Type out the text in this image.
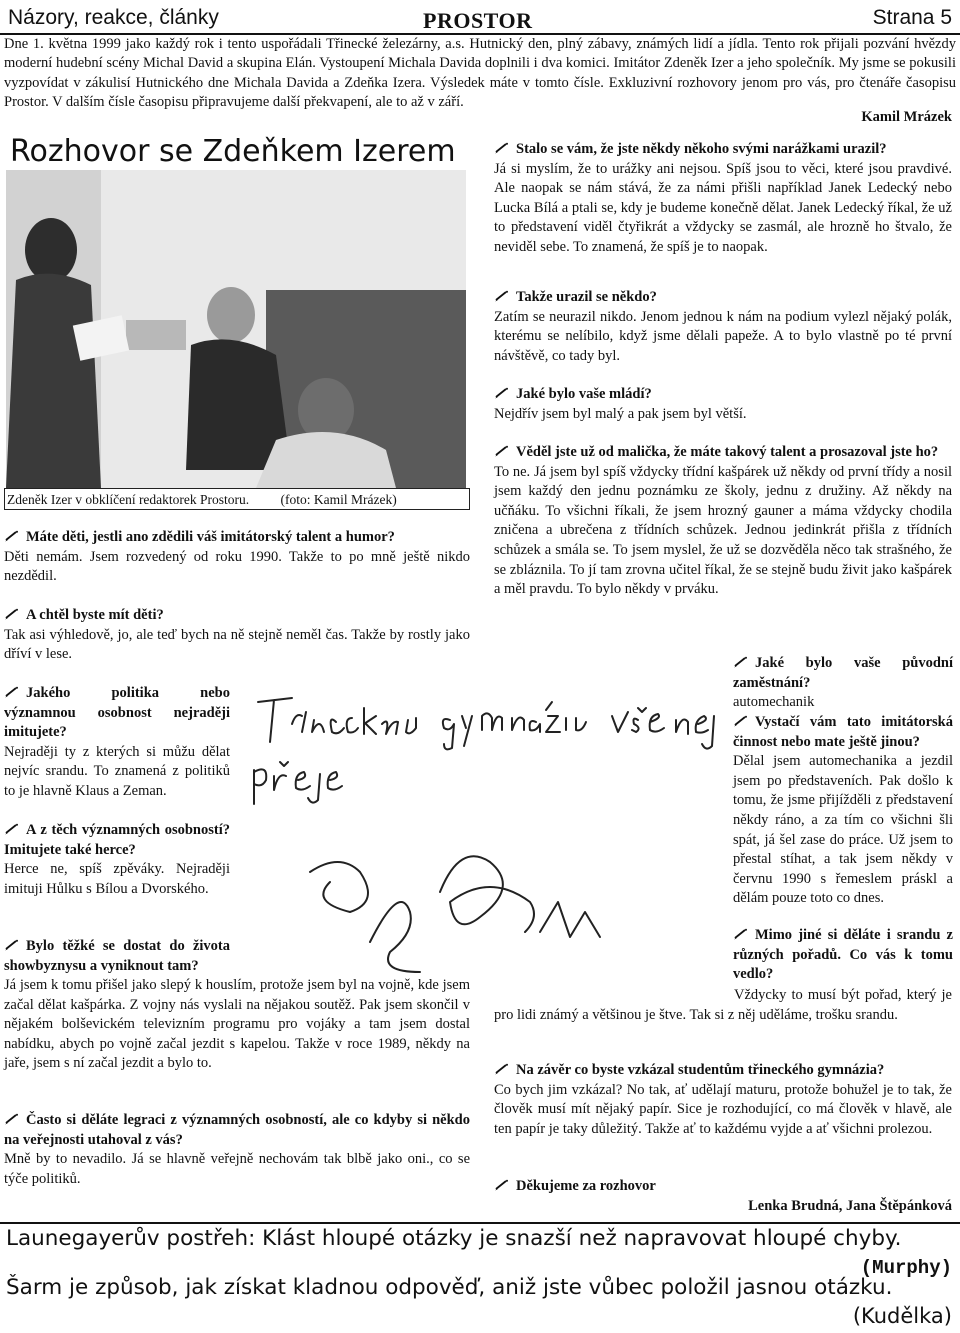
Názory, reakce, články	PROSTOR	Strana 5

Dne 1. května 1999 jako každý rok i tento uspořádali Třinecké železárny, a.s. Hutnický den, plný zábavy, známých lidí a jídla. Tento rok přijali pozvání hvězdy moderní hudební scény Michal David a skupina Elán. Vystoupení Michala Davida doplnili i dva komici. Imitátor Zdeněk Izer a jeho společník. My jsme se pokusili vyzpovídat v zákulisí Hutnického dne Michala Davida a Zdeňka Izera. Výsledek máte v tomto čísle. Exkluzivní rozhovory jenom pro vás, pro čtenáře časopisu Prostor. V dalším čísle časopisu připravujeme další překvapení, ale to až v září.

Kamil Mrázek
Rozhovor se Zdeňkem Izerem
Zdeněk Izer v obklíčení redaktorek Prostoru. (foto: Kamil Mrázek)
Stalo se vám, že jste někdy někoho svými narážkami urazil?
Já si myslím, že to urážky ani nejsou. Spíš jsou to věci, které jsou pravdivé. Ale naopak se nám stává, že za námi přišli například Janek Ledecký nebo Lucka Bílá a ptali se, kdy je budeme konečně dělat. Janek Ledecký říkal, že už to představení viděl čtyřikrát a vždycky se zasmál, ale hrozně ho štvalo, že neviděl sebe. To znamená, že spíš je to naopak.
Takže urazil se někdo?
Zatím se neurazil nikdo. Jenom jednou k nám na podium vylezl nějaký polák, kterému se nelíbilo, když jsme dělali papeže. A to bylo vlastně po té první návštěvě, co tady byl.
Jaké bylo vaše mládí?
Nejdřív jsem byl malý a pak jsem byl větší.
Věděl jste už od malička, že máte takový talent a prosazoval jste ho?
To ne. Já jsem byl spíš vždycky třídní kašpárek už někdy od první třídy a nosil jsem každý den jednu poznámku ze školy, jednu z družiny. Až někdy na učňáku. To všichni říkali, že jsem hrozný gauner a máma vždycky chodila zničena a ubrečena z třídních schůzek. Jednou jedinkrát přišla z třídních schůzek a smála se. To jsem myslel, že už se dozvěděla něco tak strašného, že se zbláznila. To jí tam zrovna učitel říkal, že se stejně budu živit jako kašpárek a měl pravdu. To bylo někdy v prváku.
Jaké bylo vaše původní zaměstnání?
automechanik
Vystačí vám tato imitátorská činnost nebo mate ještě jinou?
Dělal jsem automechanika a jezdil jsem po představeních. Pak došlo k tomu, že jsme přijížděli z představení někdy ráno, a za tím co všichni šli spát, já šel zase do práce. Už jsem to přestal stíhat, a tak jsem někdy v červnu 1990 s řemeslem práskl a dělám pouze toto co dnes.
Mimo jiné si děláte i srandu z různých pořadů. Co vás k tomu vedlo?
Vždycky to musí být pořad, který je pro lidi známý a většinou je štve. Tak si z něj uděláme, trošku srandu.
Na závěr co byste vzkázal studentům třineckého gymnázia?
Co bych jim vzkázal? No tak, ať udělají maturu, protože bohužel je to tak, že člověk musí mít nějaký papír. Sice je rozhodující, co má člověk v hlavě, ale ten papír je taky důležitý. Takže ať to každému vyjde a ať všichni prolezou.
Děkujeme za rozhovor
Lenka Brudná, Jana Štěpánková
Máte děti, jestli ano zdědili váš imitátorský talent a humor?
Děti nemám. Jsem rozvedený od roku 1990. Takže to po mně ještě nikdo nezdědil.
A chtěl byste mít děti?
Tak asi výhledově, jo, ale teď bych na ně stejně neměl čas. Takže by rostly jako dříví v lese.
Jakého politika nebo významnou osobnost nejraději imitujete?
Nejraději ty z kterých si můžu dělat nejvíc srandu. To znamená z politiků to je hlavně Klaus a Zeman.
A z těch významných osobností? Imitujete také herce?
Herce ne, spíš zpěváky. Nejraději imituji Hůlku s Bílou a Dvorského.
Bylo těžké se dostat do života showbyznysu a vyniknout tam?
Já jsem k tomu přišel jako slepý k houslím, protože jsem byl na vojně, kde jsem začal dělat kašpárka. Z vojny nás vyslali na nějakou soutěž. Pak jsem skončil v nějakém bolševickém televizním programu pro vojáky a tam jsem dostal nabídku, abych po vojně začal jezdit s kapelou. Takže v roce 1989, někdy na jaře, jsem s ní začal jezdit a bylo to.
Často si děláte legraci z významných osobností, ale co kdyby si někdo na veřejnosti utahoval z vás?
Mně by to nevadilo. Já se hlavně veřejně nechovám tak blbě jako oni., co se týče politiků.
Launegayerův postřeh: Klást hloupé otázky je snazší než napravovat hloupé chyby.
(Murphy)
Šarm je způsob, jak získat kladnou odpověď, aniž jste vůbec položil jasnou otázku.
(Kudělka)
